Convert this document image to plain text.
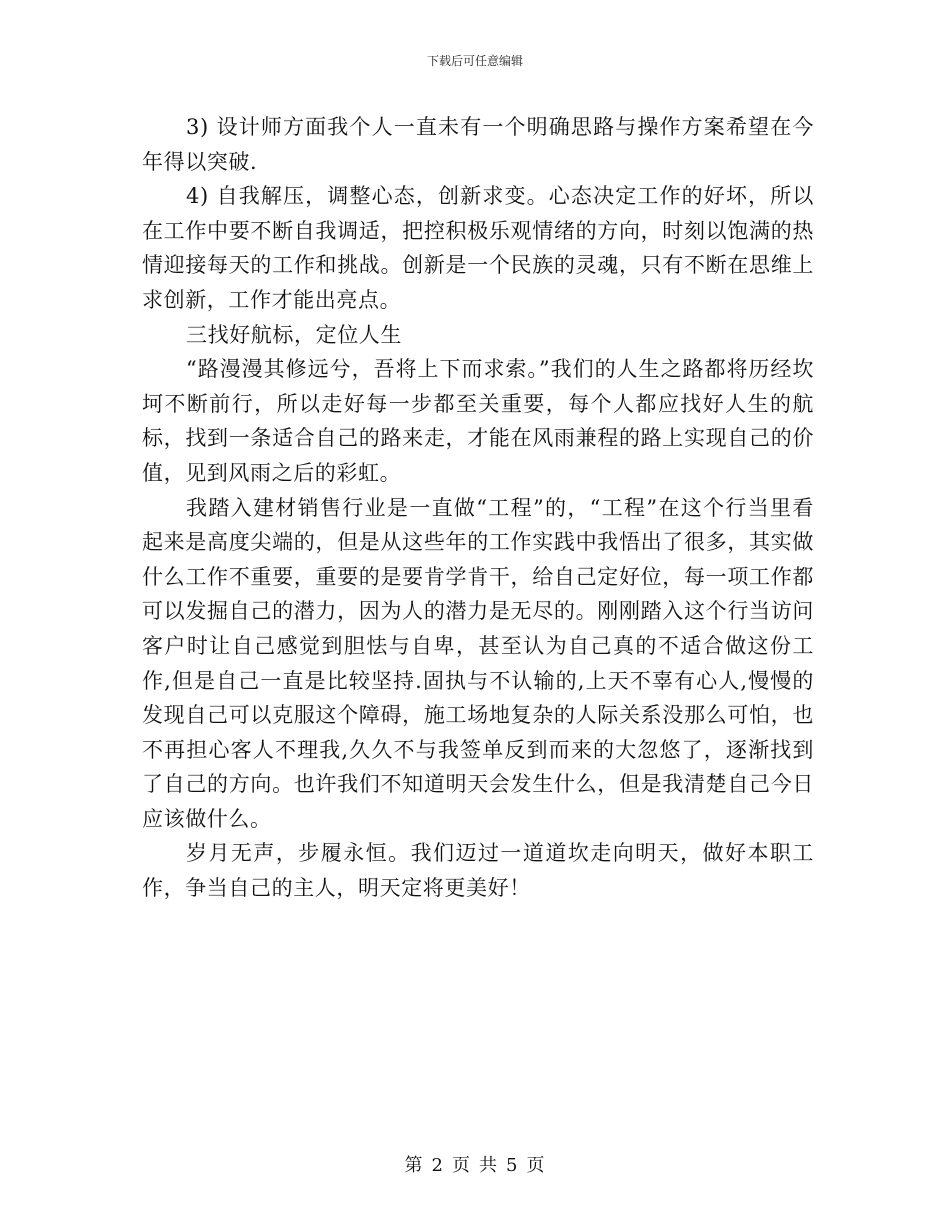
下载后可任意编辑

3) 设计师方面我个人一直未有一个明确思路与操作方案希望在今年得以突破.

4) 自我解压，调整心态，创新求变。心态决定工作的好坏，所以在工作中要不断自我调适，把控积极乐观情绪的方向，时刻以饱满的热情迎接每天的工作和挑战。创新是一个民族的灵魂，只有不断在思维上求创新，工作才能出亮点。

三找好航标，定位人生

“路漫漫其修远兮，吾将上下而求索。”我们的人生之路都将历经坎坷不断前行，所以走好每一步都至关重要，每个人都应找好人生的航标，找到一条适合自己的路来走，才能在风雨兼程的路上实现自己的价值，见到风雨之后的彩虹。

我踏入建材销售行业是一直做“工程”的，“工程”在这个行当里看起来是高度尖端的，但是从这些年的工作实践中我悟出了很多，其实做什么工作不重要，重要的是要肯学肯干，给自己定好位，每一项工作都可以发掘自己的潜力，因为人的潜力是无尽的。刚刚踏入这个行当访问客户时让自己感觉到胆怯与自卑，甚至认为自己真的不适合做这份工作,但是自己一直是比较坚持.固执与不认输的,上天不辜有心人,慢慢的发现自己可以克服这个障碍，施工场地复杂的人际关系没那么可怕，也不再担心客人不理我,久久不与我签单反到而来的大忽悠了，逐渐找到了自己的方向。也许我们不知道明天会发生什么，但是我清楚自己今日应该做什么。

岁月无声，步履永恒。我们迈过一道道坎走向明天，做好本职工作，争当自己的主人，明天定将更美好！

第 2 页 共 5 页
